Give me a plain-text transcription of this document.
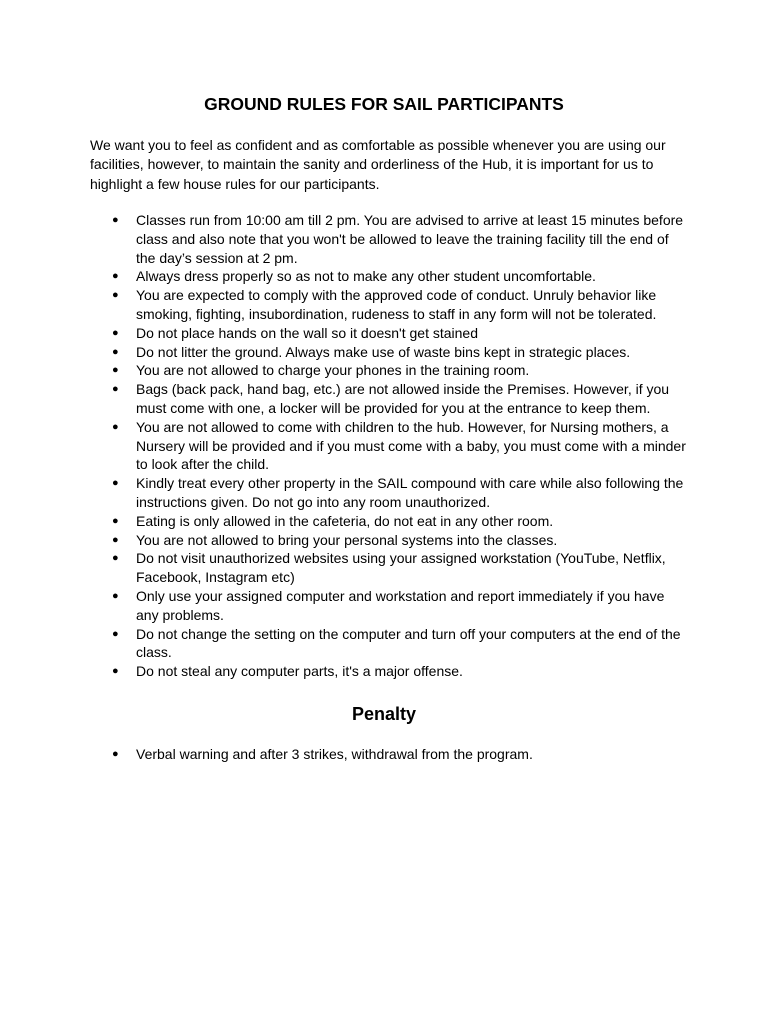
GROUND RULES FOR SAIL PARTICIPANTS

We want you to feel as confident and as comfortable as possible whenever you are using our facilities, however, to maintain the sanity and orderliness of the Hub, it is important for us to highlight a few house rules for our participants.

● Classes run from 10:00 am till 2 pm. You are advised to arrive at least 15 minutes before class and also note that you won't be allowed to leave the training facility till the end of the day’s session at 2 pm.
● Always dress properly so as not to make any other student uncomfortable.
● You are expected to comply with the approved code of conduct. Unruly behavior like smoking, fighting, insubordination, rudeness to staff in any form will not be tolerated.
● Do not place hands on the wall so it doesn't get stained
● Do not litter the ground. Always make use of waste bins kept in strategic places.
● You are not allowed to charge your phones in the training room.
● Bags (back pack, hand bag, etc.) are not allowed inside the Premises. However, if you must come with one, a locker will be provided for you at the entrance to keep them.
● You are not allowed to come with children to the hub. However, for Nursing mothers, a Nursery will be provided and if you must come with a baby, you must come with a minder to look after the child.
● Kindly treat every other property in the SAIL compound with care while also following the instructions given. Do not go into any room unauthorized.
● Eating is only allowed in the cafeteria, do not eat in any other room.
● You are not allowed to bring your personal systems into the classes.
● Do not visit unauthorized websites using your assigned workstation (YouTube, Netflix, Facebook, Instagram etc)
● Only use your assigned computer and workstation and report immediately if you have any problems.
● Do not change the setting on the computer and turn off your computers at the end of the class.
● Do not steal any computer parts, it's a major offense.
Penalty
● Verbal warning and after 3 strikes, withdrawal from the program.
